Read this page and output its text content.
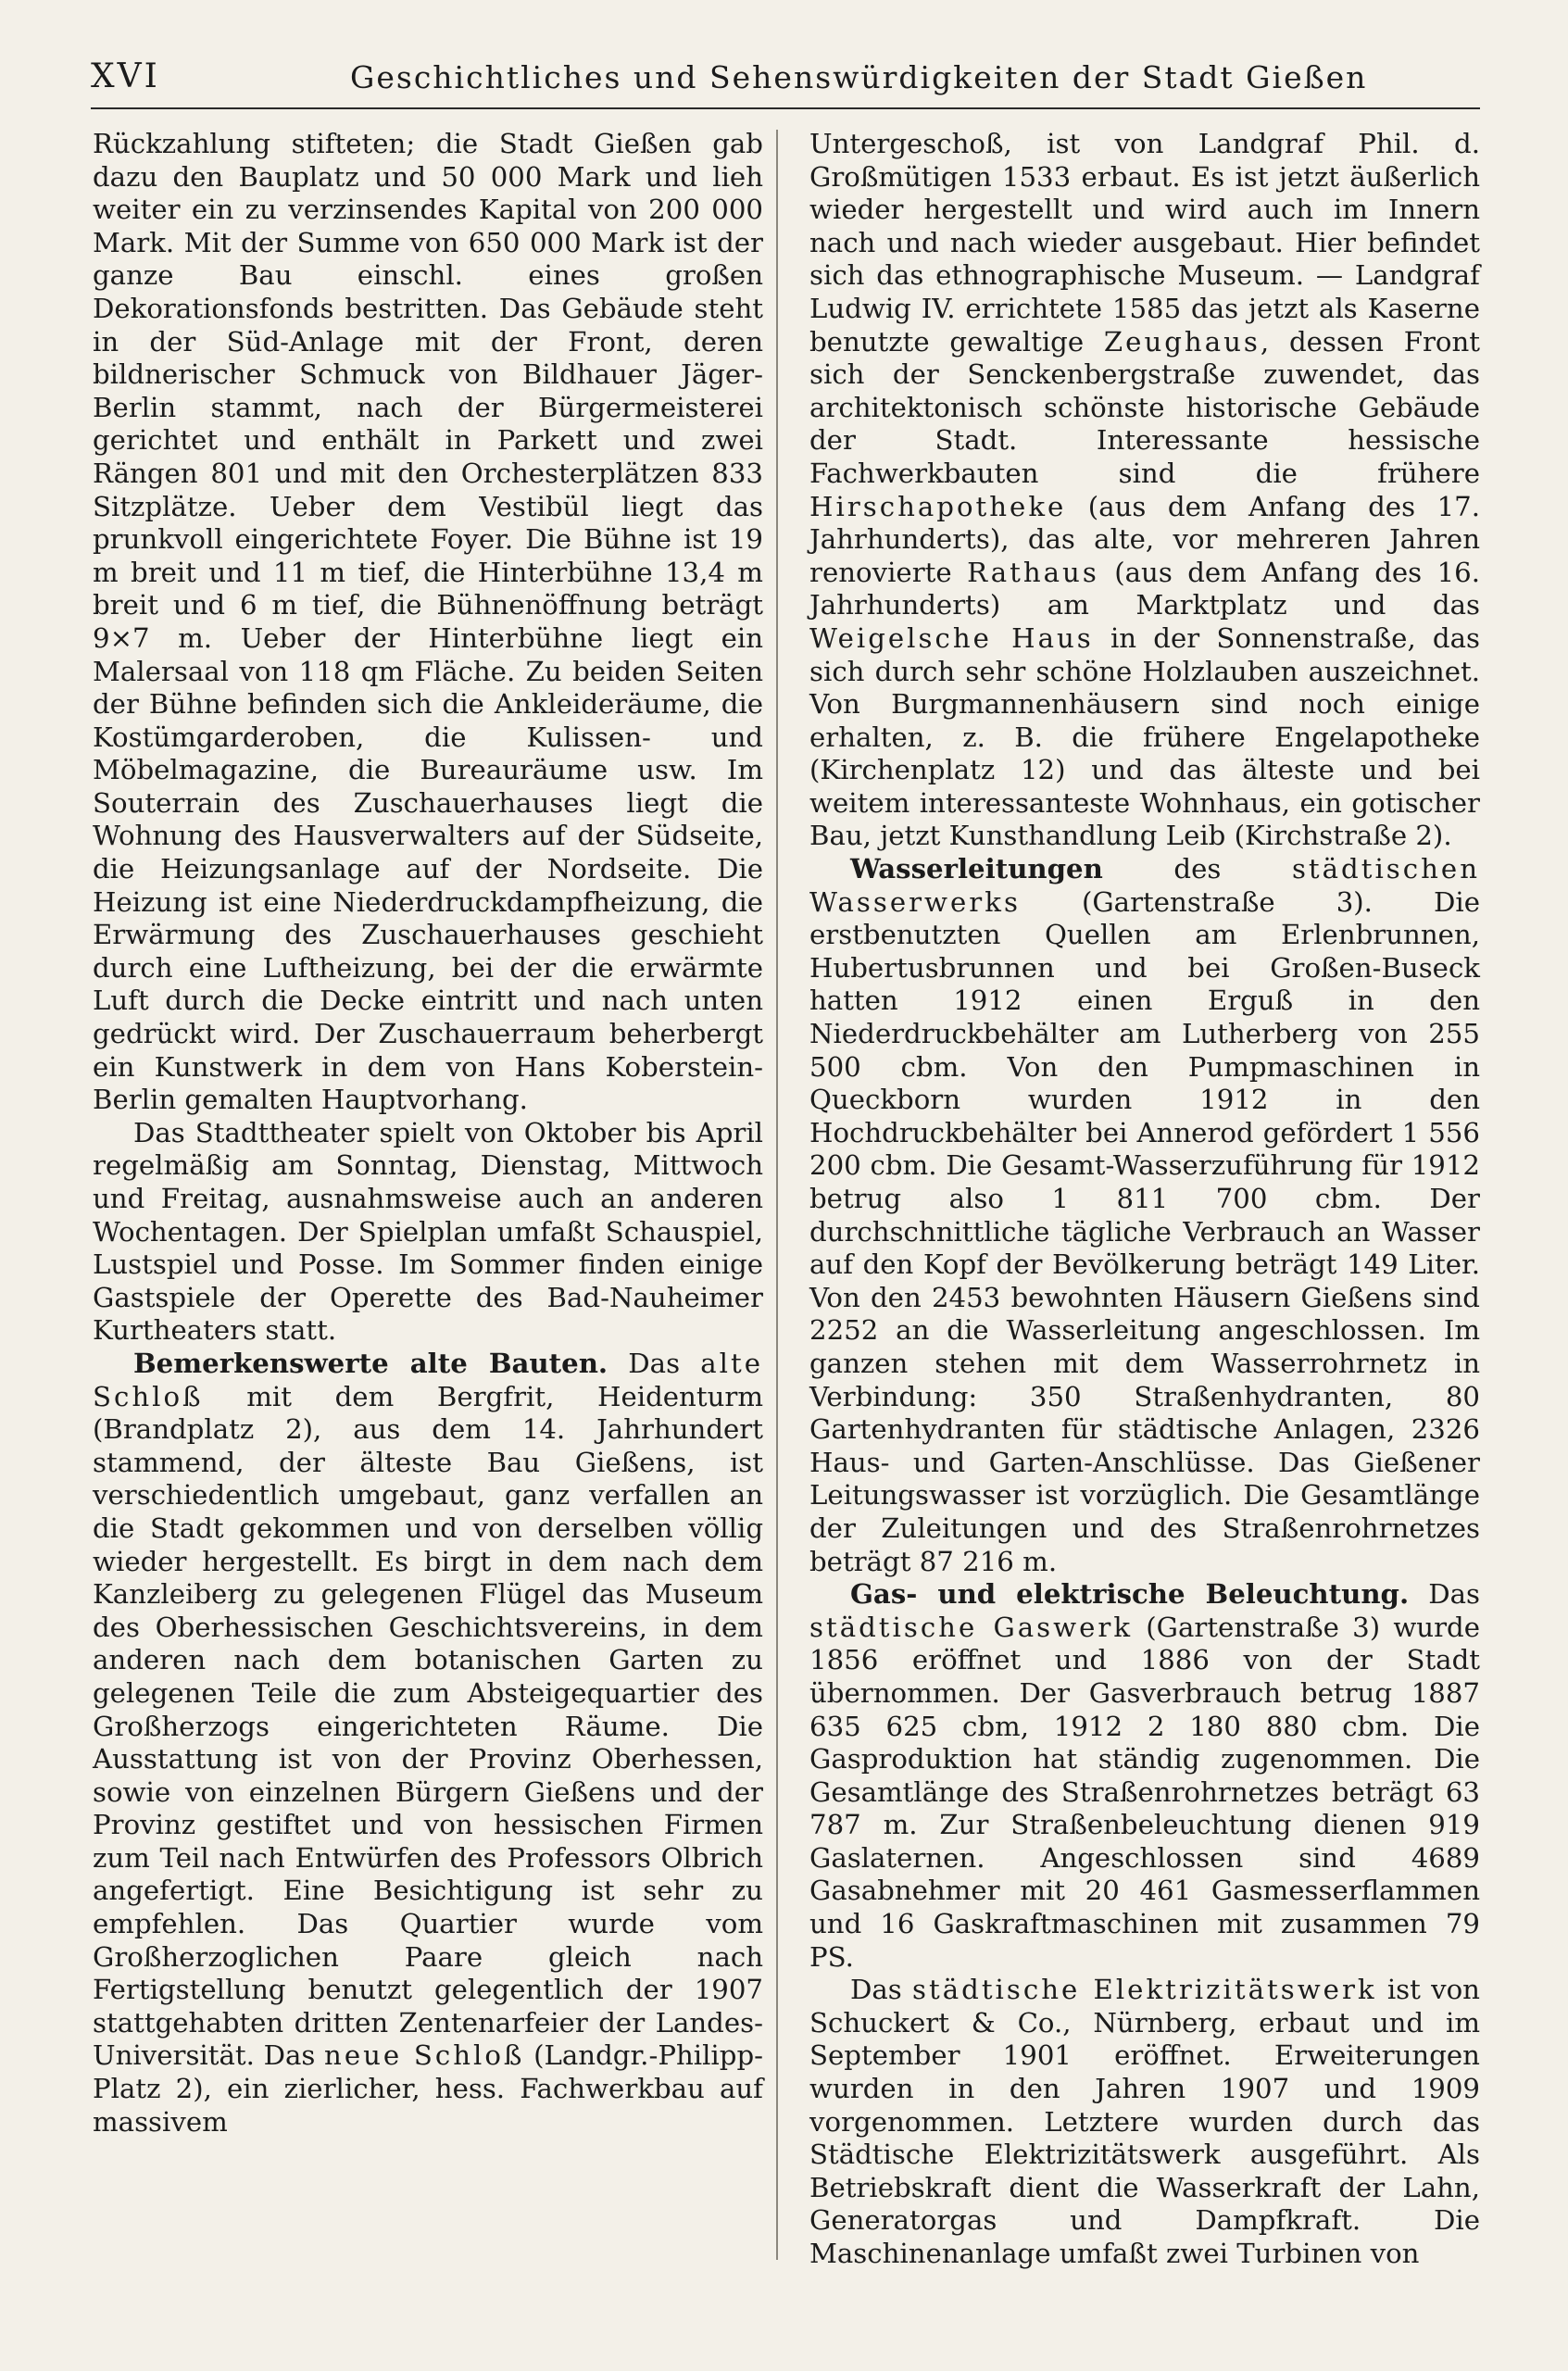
XVI	Geschichtliches und Sehenswürdigkeiten der Stadt Gießen

Rückzahlung stifteten; die Stadt Gießen gab dazu den Bauplatz und 50 000 Mark und lieh weiter ein zu verzinsendes Kapital von 200 000 Mark. Mit der Summe von 650 000 Mark ist der ganze Bau einschl. eines großen Dekorationsfonds bestritten. Das Gebäude steht in der Süd-Anlage mit der Front, deren bildnerischer Schmuck von Bildhauer Jäger-Berlin stammt, nach der Bürgermeisterei gerichtet und enthält in Parkett und zwei Rängen 801 und mit den Orchesterplätzen 833 Sitzplätze. Ueber dem Vestibül liegt das prunkvoll eingerichtete Foyer. Die Bühne ist 19 m breit und 11 m tief, die Hinterbühne 13,4 m breit und 6 m tief, die Bühnenöffnung beträgt 9×7 m. Ueber der Hinterbühne liegt ein Malersaal von 118 qm Fläche. Zu beiden Seiten der Bühne befinden sich die Ankleideräume, die Kostümgarderoben, die Kulissen- und Möbelmagazine, die Bureauräume usw. Im Souterrain des Zuschauerhauses liegt die Wohnung des Hausverwalters auf der Südseite, die Heizungsanlage auf der Nordseite. Die Heizung ist eine Niederdruckdampfheizung, die Erwärmung des Zuschauerhauses geschieht durch eine Luftheizung, bei der die erwärmte Luft durch die Decke eintritt und nach unten gedrückt wird. Der Zuschauerraum beherbergt ein Kunstwerk in dem von Hans Koberstein-Berlin gemalten Hauptvorhang.

Das Stadttheater spielt von Oktober bis April regelmäßig am Sonntag, Dienstag, Mittwoch und Freitag, ausnahmsweise auch an anderen Wochentagen. Der Spielplan umfaßt Schauspiel, Lustspiel und Posse. Im Sommer finden einige Gastspiele der Operette des Bad-Nauheimer Kurtheaters statt.

Bemerkenswerte alte Bauten. Das alte Schloß mit dem Bergfrit, Heidenturm (Brandplatz 2), aus dem 14. Jahrhundert stammend, der älteste Bau Gießens, ist verschiedentlich umgebaut, ganz verfallen an die Stadt gekommen und von derselben völlig wieder hergestellt. Es birgt in dem nach dem Kanzleiberg zu gelegenen Flügel das Museum des Oberhessischen Geschichtsvereins, in dem anderen nach dem botanischen Garten zu gelegenen Teile die zum Absteigequartier des Großherzogs eingerichteten Räume. Die Ausstattung ist von der Provinz Oberhessen, sowie von einzelnen Bürgern Gießens und der Provinz gestiftet und von hessischen Firmen zum Teil nach Entwürfen des Professors Olbrich angefertigt. Eine Besichtigung ist sehr zu empfehlen. Das Quartier wurde vom Großherzoglichen Paare gleich nach Fertigstellung benutzt gelegentlich der 1907 stattgehabten dritten Zentenarfeier der Landes-Universität. Das neue Schloß (Landgr.-Philipp-Platz 2), ein zierlicher, hess. Fachwerkbau auf massivem

Untergeschoß, ist von Landgraf Phil. d. Großmütigen 1533 erbaut. Es ist jetzt äußerlich wieder hergestellt und wird auch im Innern nach und nach wieder ausgebaut. Hier befindet sich das ethnographische Museum. — Landgraf Ludwig IV. errichtete 1585 das jetzt als Kaserne benutzte gewaltige Zeughaus, dessen Front sich der Senckenbergstraße zuwendet, das architektonisch schönste historische Gebäude der Stadt. Interessante hessische Fachwerkbauten sind die frühere Hirschapotheke (aus dem Anfang des 17. Jahrhunderts), das alte, vor mehreren Jahren renovierte Rathaus (aus dem Anfang des 16. Jahrhunderts) am Marktplatz und das Weigelsche Haus in der Sonnenstraße, das sich durch sehr schöne Holzlauben auszeichnet. Von Burgmannenhäusern sind noch einige erhalten, z. B. die frühere Engelapotheke (Kirchenplatz 12) und das älteste und bei weitem interessanteste Wohnhaus, ein gotischer Bau, jetzt Kunsthandlung Leib (Kirchstraße 2).

Wasserleitungen des städtischen Wasserwerks (Gartenstraße 3). Die erstbenutzten Quellen am Erlenbrunnen, Hubertusbrunnen und bei Großen-Buseck hatten 1912 einen Erguß in den Niederdruckbehälter am Lutherberg von 255 500 cbm. Von den Pumpmaschinen in Queckborn wurden 1912 in den Hochdruckbehälter bei Annerod gefördert 1 556 200 cbm. Die Gesamt-Wasserzuführung für 1912 betrug also 1 811 700 cbm. Der durchschnittliche tägliche Verbrauch an Wasser auf den Kopf der Bevölkerung beträgt 149 Liter. Von den 2453 bewohnten Häusern Gießens sind 2252 an die Wasserleitung angeschlossen. Im ganzen stehen mit dem Wasserrohrnetz in Verbindung: 350 Straßenhydranten, 80 Gartenhydranten für städtische Anlagen, 2326 Haus- und Garten-Anschlüsse. Das Gießener Leitungswasser ist vorzüglich. Die Gesamtlänge der Zuleitungen und des Straßenrohrnetzes beträgt 87 216 m.

Gas- und elektrische Beleuchtung. Das städtische Gaswerk (Gartenstraße 3) wurde 1856 eröffnet und 1886 von der Stadt übernommen. Der Gasverbrauch betrug 1887 635 625 cbm, 1912 2 180 880 cbm. Die Gasproduktion hat ständig zugenommen. Die Gesamtlänge des Straßenrohrnetzes beträgt 63 787 m. Zur Straßenbeleuchtung dienen 919 Gaslaternen. Angeschlossen sind 4689 Gasabnehmer mit 20 461 Gasmesserflammen und 16 Gaskraftmaschinen mit zusammen 79 PS.

Das städtische Elektrizitätswerk ist von Schuckert & Co., Nürnberg, erbaut und im September 1901 eröffnet. Erweiterungen wurden in den Jahren 1907 und 1909 vorgenommen. Letztere wurden durch das Städtische Elektrizitätswerk ausgeführt. Als Betriebskraft dient die Wasserkraft der Lahn, Generatorgas und Dampfkraft. Die Maschinenanlage umfaßt zwei Turbinen von
